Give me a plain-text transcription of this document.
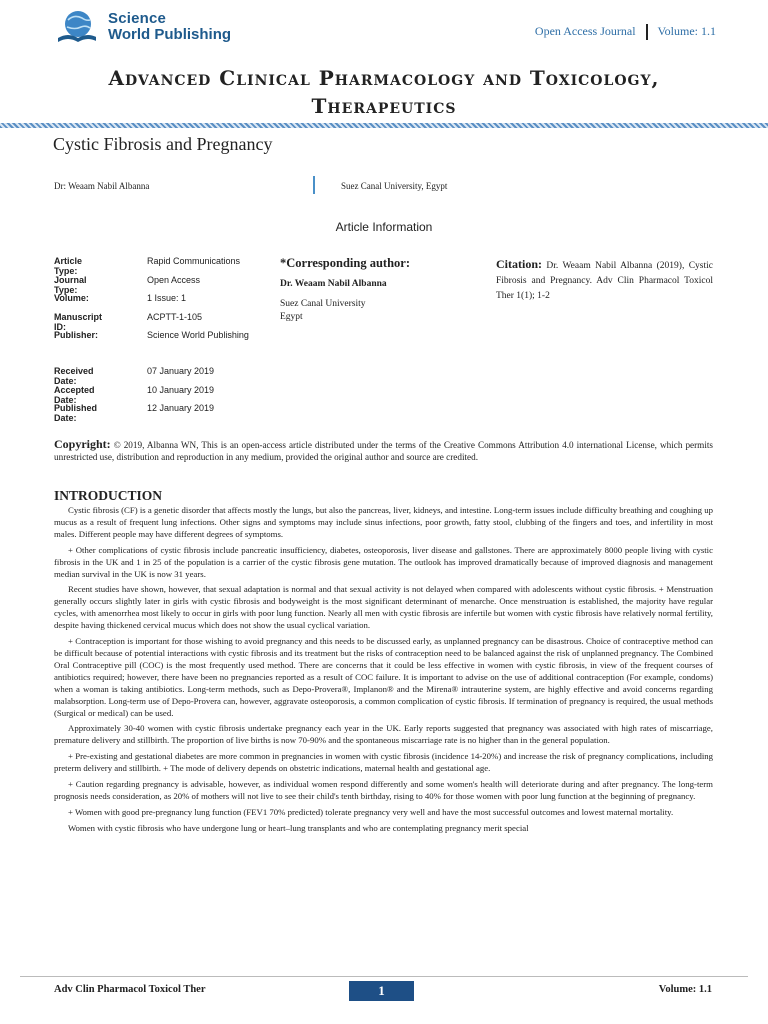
Science
World Publishing	Open Access Journal Volume: 1.1
Advanced Clinical Pharmacology and Toxicology,
Therapeutics
Cystic Fibrosis and Pregnancy
Dr: Weaam Nabil Albanna	Suez Canal University, Egypt
Article Information
Article Type:
Rapid Communications
Journal Type:
Open Access
Volume:	1 Issue: 1
Manuscript ID:
ACPTT-1-105
Publisher:	Science World Publishing
Received Date:
07 January 2019
Accepted Date:
10 January 2019
Published Date:
12 January 2019
*Corresponding author:
Dr. Weaam Nabil Albanna
Suez Canal University
Egypt
Citation: Dr. Weaam Nabil Albanna (2019), Cystic Fibrosis and Pregnancy. Adv Clin Pharmacol Toxicol Ther 1(1); 1-2
Copyright: © 2019, Albanna WN, This is an open-access article distributed under the terms of the Creative Commons Attribution 4.0 international License, which permits unrestricted use, distribution and reproduction in any medium, provided the original author and source are credited.
INTRODUCTION

Cystic fibrosis (CF) is a genetic disorder that affects mostly the lungs, but also the pancreas, liver, kidneys, and intestine. Long-term issues include difficulty breathing and coughing up mucus as a result of frequent lung infections. Other signs and symptoms may include sinus infections, poor growth, fatty stool, clubbing of the fingers and toes, and infertility in most males. Different people may have different degrees of symptoms.

+ Other complications of cystic fibrosis include pancreatic insufficiency, diabetes, osteoporosis, liver disease and gallstones. There are approximately 8000 people living with cystic fibrosis in the UK and 1 in 25 of the population is a carrier of the cystic fibrosis gene mutation. The outlook has improved dramatically because of improved diagnosis and management median survival in the UK is now 31 years.

Recent studies have shown, however, that sexual adaptation is normal and that sexual activity is not delayed when compared with adolescents without cystic fibrosis. + Menstruation generally occurs slightly later in girls with cystic fibrosis and bodyweight is the most significant determinant of menarche. Once menstruation is established, the majority have regular cycles, with amenorrhea most likely to occur in girls with poor lung function. Nearly all men with cystic fibrosis are infertile but women with cystic fibrosis have relatively normal fertility, despite having thickened cervical mucus which does not show the usual cyclical variation.

+ Contraception is important for those wishing to avoid pregnancy and this needs to be discussed early, as unplanned pregnancy can be disastrous. Choice of contraceptive method can be difficult because of potential interactions with cystic fibrosis and its treatment but the risks of contraception need to be balanced against the risk of unplanned pregnancy. The Combined Oral Contraceptive pill (COC) is the most frequently used method. There are concerns that it could be less effective in women with cystic fibrosis, in view of the frequent courses of antibiotics required; however, there have been no pregnancies reported as a result of COC failure. It is important to advise on the use of additional contraception (For example, condoms) when a woman is taking antibiotics. Long-term methods, such as Depo-Provera®, Implanon® and the Mirena® intrauterine system, are highly effective and avoid concerns regarding malabsorption. Long-term use of Depo-Provera can, however, aggravate osteoporosis, a common complication of cystic fibrosis. If termination of pregnancy is required, the usual methods (Surgical or medical) can be used.

Approximately 30-40 women with cystic fibrosis undertake pregnancy each year in the UK. Early reports suggested that pregnancy was associated with high rates of miscarriage, premature delivery and stillbirth. The proportion of live births is now 70-90% and the spontaneous miscarriage rate is no higher than in the general population.

+ Pre-existing and gestational diabetes are more common in pregnancies in women with cystic fibrosis (incidence 14-20%) and increase the risk of pregnancy complications, including preterm delivery and stillbirth. + The mode of delivery depends on obstetric indications, maternal health and gestational age.

+ Caution regarding pregnancy is advisable, however, as individual women respond differently and some women's health will deteriorate during and after pregnancy. The long-term prognosis needs consideration, as 20% of mothers will not live to see their child's tenth birthday, rising to 40% for those women with poor lung function at the beginning of pregnancy.

+ Women with good pre-pregnancy lung function (FEV1 70% predicted) tolerate pregnancy very well and have the most successful outcomes and lowest maternal mortality.

Women with cystic fibrosis who have undergone lung or heart–lung transplants and who are contemplating pregnancy merit special

Adv Clin Pharmacol Toxicol Ther	1	Volume: 1.1
